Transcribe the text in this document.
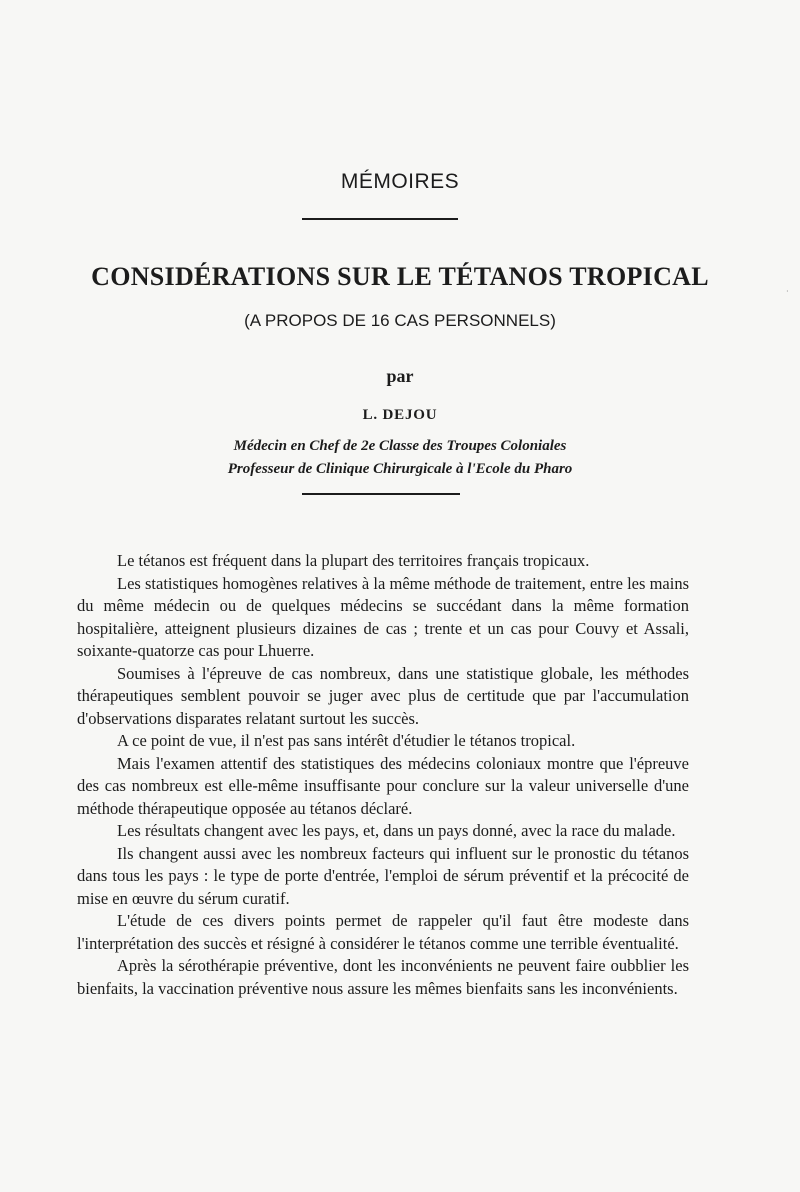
MÉMOIRES
CONSIDÉRATIONS SUR LE TÉTANOS TROPICAL
(A PROPOS DE 16 CAS PERSONNELS)
par
L. DEJOU
Médecin en Chef de 2e Classe des Troupes Coloniales
Professeur de Clinique Chirurgicale à l'Ecole du Pharo
·

Le tétanos est fréquent dans la plupart des territoires français tropicaux.

Les statistiques homogènes relatives à la même méthode de traitement, entre les mains du même médecin ou de quelques médecins se succédant dans la même formation hospitalière, atteignent plusieurs dizaines de cas ; trente et un cas pour Couvy et Assali, soixante-quatorze cas pour Lhuerre.

Soumises à l'épreuve de cas nombreux, dans une statistique globale, les méthodes thérapeutiques semblent pouvoir se juger avec plus de certitude que par l'accumulation d'observations disparates relatant surtout les succès.

A ce point de vue, il n'est pas sans intérêt d'étudier le tétanos tropical.

Mais l'examen attentif des statistiques des médecins coloniaux montre que l'épreuve des cas nombreux est elle-même insuffisante pour conclure sur la valeur universelle d'une méthode thérapeutique opposée au tétanos déclaré.

Les résultats changent avec les pays, et, dans un pays donné, avec la race du malade.

Ils changent aussi avec les nombreux facteurs qui influent sur le pronostic du tétanos dans tous les pays : le type de porte d'entrée, l'emploi de sérum préventif et la précocité de mise en œuvre du sérum curatif.

L'étude de ces divers points permet de rappeler qu'il faut être modeste dans l'interprétation des succès et résigné à considérer le tétanos comme une terrible éventualité.

Après la sérothérapie préventive, dont les inconvénients ne peuvent faire oubblier les bienfaits, la vaccination préventive nous assure les mêmes bienfaits sans les inconvénients.
